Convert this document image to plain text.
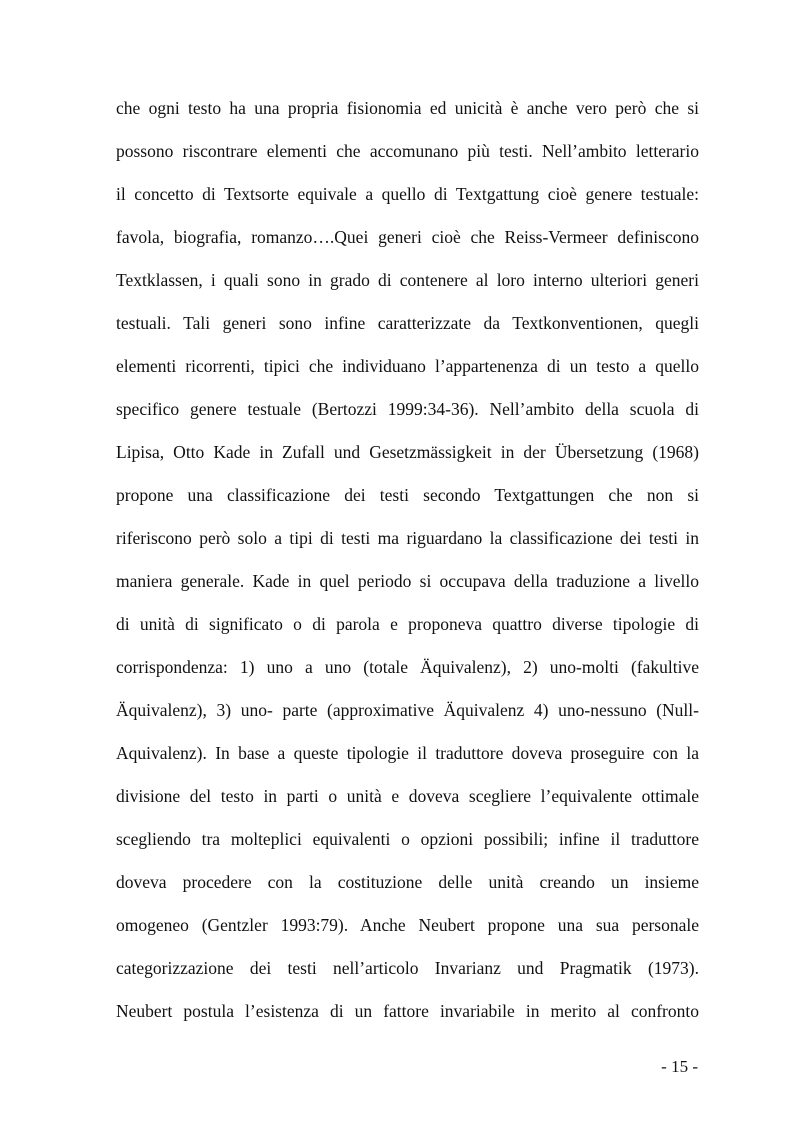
che ogni testo ha una propria fisionomia ed unicità è anche vero però che si
possono riscontrare elementi che accomunano più testi. Nell’ambito letterario
il concetto di Textsorte equivale a quello di Textgattung cioè genere testuale:
favola, biografia, romanzo….Quei generi cioè che Reiss-Vermeer definiscono
Textklassen, i quali sono in grado di contenere al loro interno ulteriori generi
testuali. Tali generi sono infine caratterizzate da Textkonventionen, quegli
elementi ricorrenti, tipici che individuano l’appartenenza di un testo a quello
specifico genere testuale (Bertozzi 1999:34-36). Nell’ambito della scuola di
Lipisa, Otto Kade in Zufall und Gesetzmässigkeit in der Übersetzung (1968)
propone una classificazione dei testi secondo Textgattungen che non si
riferiscono però solo a tipi di testi ma riguardano la classificazione dei testi in
maniera generale. Kade in quel periodo si occupava della traduzione a livello
di unità di significato o di parola e proponeva quattro diverse tipologie di
corrispondenza: 1) uno a uno (totale Äquivalenz), 2) uno-molti (fakultive
Äquivalenz), 3) uno- parte (approximative Äquivalenz 4) uno-nessuno (Null-
Aquivalenz). In base a queste tipologie il traduttore doveva proseguire con la
divisione del testo in parti o unità e doveva scegliere l’equivalente ottimale
scegliendo tra molteplici equivalenti o opzioni possibili; infine il traduttore
doveva procedere con la costituzione delle unità creando un insieme
omogeneo (Gentzler 1993:79). Anche Neubert propone una sua personale
categorizzazione dei testi nell’articolo Invarianz und Pragmatik (1973).
Neubert postula l’esistenza di un fattore invariabile in merito al confronto
- 15 -
